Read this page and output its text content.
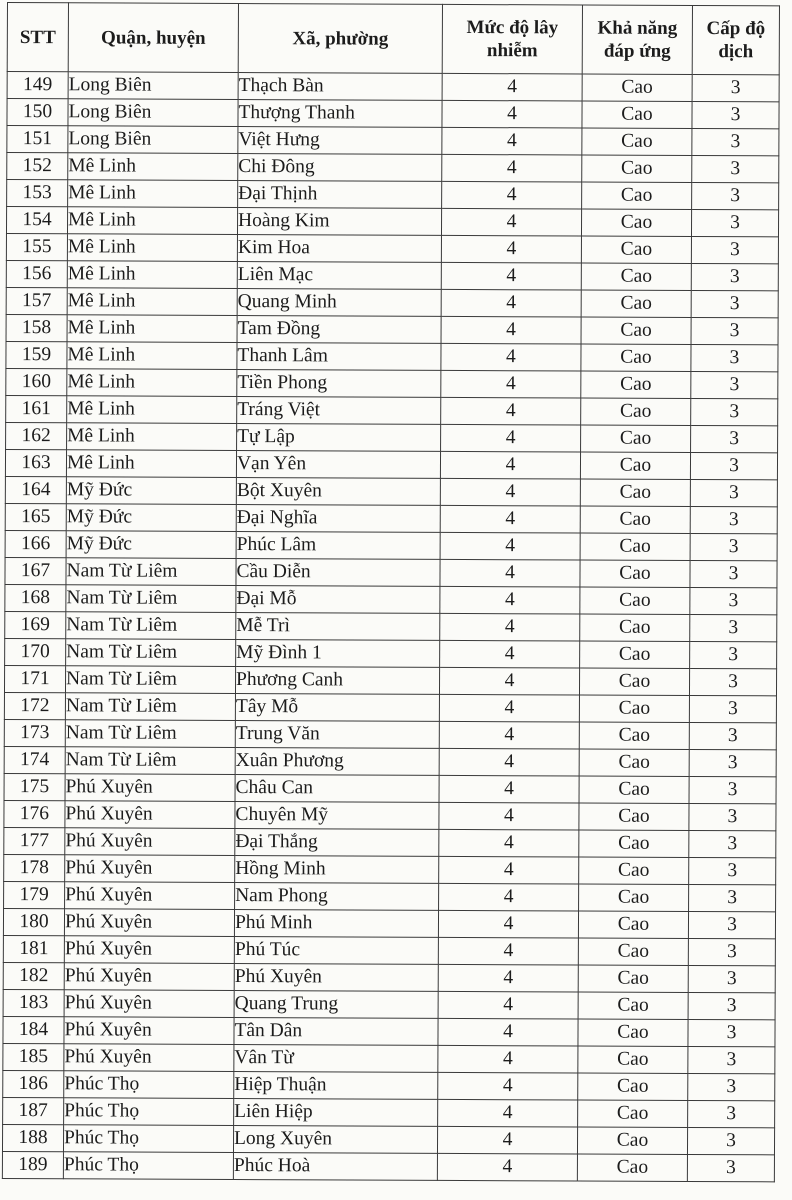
STT	Quận, huyện	Xã, phường	Mức độ lây nhiễm	Khả năng đáp ứng	Cấp độ dịch
149	Long Biên	Thạch Bàn	4	Cao	3
150	Long Biên	Thượng Thanh	4	Cao	3
151	Long Biên	Việt Hưng	4	Cao	3
152	Mê Linh	Chi Đông	4	Cao	3
153	Mê Linh	Đại Thịnh	4	Cao	3
154	Mê Linh	Hoàng Kim	4	Cao	3
155	Mê Linh	Kim Hoa	4	Cao	3
156	Mê Linh	Liên Mạc	4	Cao	3
157	Mê Linh	Quang Minh	4	Cao	3
158	Mê Linh	Tam Đồng	4	Cao	3
159	Mê Linh	Thanh Lâm	4	Cao	3
160	Mê Linh	Tiền Phong	4	Cao	3
161	Mê Linh	Tráng Việt	4	Cao	3
162	Mê Linh	Tự Lập	4	Cao	3
163	Mê Linh	Vạn Yên	4	Cao	3
164	Mỹ Đức	Bột Xuyên	4	Cao	3
165	Mỹ Đức	Đại Nghĩa	4	Cao	3
166	Mỹ Đức	Phúc Lâm	4	Cao	3
167	Nam Từ Liêm	Cầu Diễn	4	Cao	3
168	Nam Từ Liêm	Đại Mỗ	4	Cao	3
169	Nam Từ Liêm	Mễ Trì	4	Cao	3
170	Nam Từ Liêm	Mỹ Đình 1	4	Cao	3
171	Nam Từ Liêm	Phương Canh	4	Cao	3
172	Nam Từ Liêm	Tây Mỗ	4	Cao	3
173	Nam Từ Liêm	Trung Văn	4	Cao	3
174	Nam Từ Liêm	Xuân Phương	4	Cao	3
175	Phú Xuyên	Châu Can	4	Cao	3
176	Phú Xuyên	Chuyên Mỹ	4	Cao	3
177	Phú Xuyên	Đại Thắng	4	Cao	3
178	Phú Xuyên	Hồng Minh	4	Cao	3
179	Phú Xuyên	Nam Phong	4	Cao	3
180	Phú Xuyên	Phú Minh	4	Cao	3
181	Phú Xuyên	Phú Túc	4	Cao	3
182	Phú Xuyên	Phú Xuyên	4	Cao	3
183	Phú Xuyên	Quang Trung	4	Cao	3
184	Phú Xuyên	Tân Dân	4	Cao	3
185	Phú Xuyên	Vân Từ	4	Cao	3
186	Phúc Thọ	Hiệp Thuận	4	Cao	3
187	Phúc Thọ	Liên Hiệp	4	Cao	3
188	Phúc Thọ	Long Xuyên	4	Cao	3
189	Phúc Thọ	Phúc Hoà	4	Cao	3
